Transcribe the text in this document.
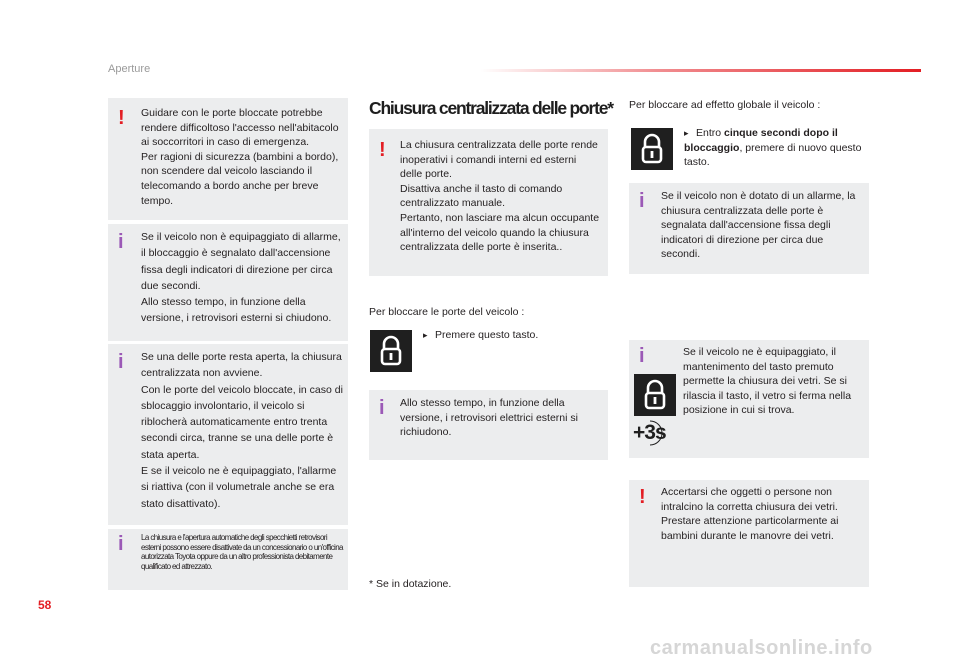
Aperture
! Guidare con le porte bloccate potrebbe rendere difficoltoso l'accesso nell'abitacolo ai soccorritori in caso di emergenza.
Per ragioni di sicurezza (bambini a bordo), non scendere dal veicolo lasciando il telecomando a bordo anche per breve tempo.

i Se il veicolo non è equipaggiato di allarme, il bloccaggio è segnalato dall'accensione fissa degli indicatori di direzione per circa due secondi.
Allo stesso tempo, in funzione della versione, i retrovisori esterni si chiudono.

i Se una delle porte resta aperta, la chiusura centralizzata non avviene.
Con le porte del veicolo bloccate, in caso di sblocaggio involontario, il veicolo si riblocherà automaticamente entro trenta secondi circa, tranne se una delle porte è stata aperta.
E se il veicolo ne è equipaggiato, l'allarme si riattiva (con il volumetrale anche se era stato disattivato).

i La chiusura e l'apertura automatiche degli specchietti retrovisori esterni possono essere disattivate da un concessionario o un'officina autorizzata Toyota oppure da un altro professionista debitamente qualificato ed attrezzato.

Chiusura centralizzata delle porte*
! La chiusura centralizzata delle porte rende inoperativi i comandi interni ed esterni delle porte.
Disattiva anche il tasto di comando centralizzato manuale.
Pertanto, non lasciare ma alcun occupante all'interno del veicolo quando la chiusura centralizzata delle porte è inserita..

Per bloccare le porte del veicolo :
▸ Premere questo tasto.
i Allo stesso tempo, in funzione della versione, i retrovisori elettrici esterni si richiudono.

* Se in dotazione.
Per bloccare ad effetto globale il veicolo :
▸ Entro cinque secondi dopo il bloccaggio, premere di nuovo questo tasto.
i Se il veicolo non è dotato di un allarme, la chiusura centralizzata delle porte è segnalata dall'accensione fissa degli indicatori di direzione per circa due secondi.

i
+3s

Se il veicolo ne è equipaggiato, il mantenimento del tasto premuto permette la chiusura dei vetri. Se si rilascia il tasto, il vetro si ferma nella posizione in cui si trova.

! Accertarsi che oggetti o persone non intralcino la corretta chiusura dei vetri. Prestare attenzione particolarmente ai bambini durante le manovre dei vetri.

58
carmanualsonline.info
